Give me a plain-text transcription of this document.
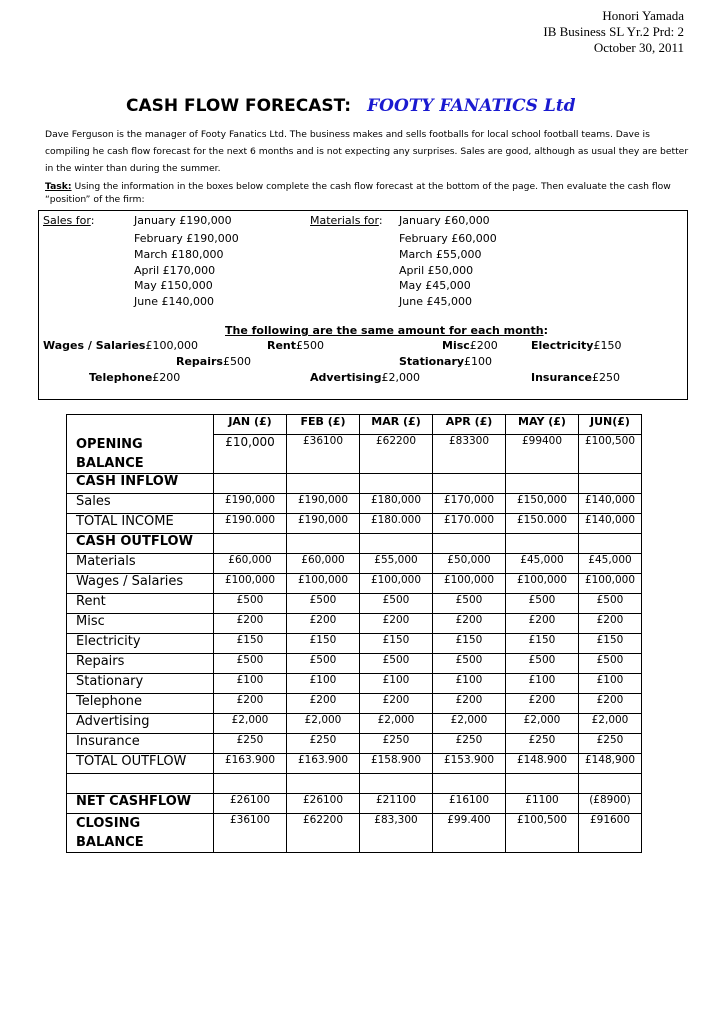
Honori Yamada
IB Business SL Yr.2 Prd: 2
October 30, 2011
CASH FLOW FORECAST: FOOTY FANATICS Ltd
Dave Ferguson is the manager of Footy Fanatics Ltd. The business makes and sells footballs for local school football teams. Dave is compiling he cash flow forecast for the next 6 months and is not expecting any surprises. Sales are good, although as usual they are better in the winter than during the summer.
Task: Using the information in the boxes below complete the cash flow forecast at the bottom of the page. Then evaluate the cash flow “position” of the firm:
Sales for:	January £190,000
February £190,000
March £180,000
April £170,000
May £150,000
June £140,000
Materials for: January £60,000
February £60,000
March £55,000
April £50,000
May £45,000
June £45,000
The following are the same amount for each month:
Wages / Salaries£100,000	Rent£500	Misc£200	Electricity£150
Repairs£500	Stationary£100
Telephone£200	Advertising£2,000	Insurance£250
	JAN (£)	FEB (£)	MAR (£)	APR (£)	MAY (£)	JUN(£)
OPENING
BALANCE	£10,000	£36100	£62200	£83300	£99400	£100,500
CASH INFLOW						
Sales	£190,000	£190,000	£180,000	£170,000	£150,000	£140,000
TOTAL INCOME	£190.000	£190,000	£180.000	£170.000	£150.000	£140,000
CASH OUTFLOW						
Materials	£60,000	£60,000	£55,000	£50,000	£45,000	£45,000
Wages / Salaries	£100,000	£100,000	£100,000	£100,000	£100,000	£100,000
Rent	£500	£500	£500	£500	£500	£500
Misc	£200	£200	£200	£200	£200	£200
Electricity	£150	£150	£150	£150	£150	£150
Repairs	£500	£500	£500	£500	£500	£500
Stationary	£100	£100	£100	£100	£100	£100
Telephone	£200	£200	£200	£200	£200	£200
Advertising	£2,000	£2,000	£2,000	£2,000	£2,000	£2,000
Insurance	£250	£250	£250	£250	£250	£250
TOTAL OUTFLOW	£163.900	£163.900	£158.900	£153.900	£148.900	£148,900

NET CASHFLOW	£26100	£26100	£21100	£16100	£1100	(£8900)
CLOSING
BALANCE	£36100	£62200	£83,300	£99.400	£100,500	£91600
